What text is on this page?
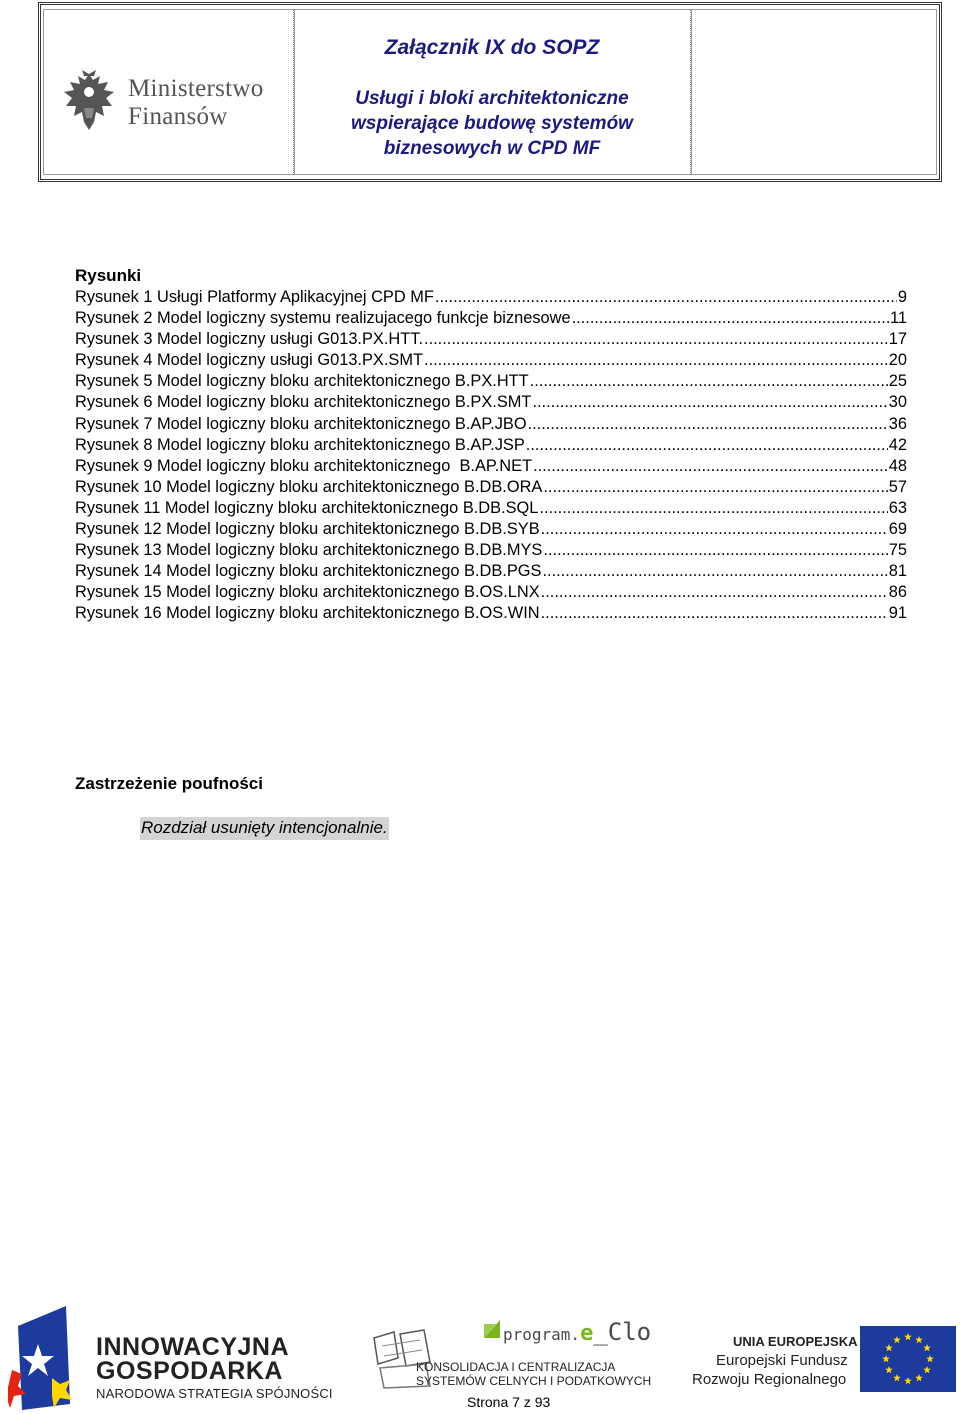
Ministerstwo
Finansów
Załącznik IX do SOPZ
Usługi i bloki architektoniczne
wspierające budowę systemów
biznesowych w CPD MF
Rysunki
Rysunek 1 Usługi Platformy Aplikacyjnej CPD MF .....	9
Rysunek 2 Model logiczny systemu realizujacego funkcje biznesowe .....	11
Rysunek 3 Model logiczny usługi G013.PX.HTT. .....	17
Rysunek 4 Model logiczny usługi G013.PX.SMT .....	20
Rysunek 5 Model logiczny bloku architektonicznego B.PX.HTT .....	25
Rysunek 6 Model logiczny bloku architektonicznego B.PX.SMT .....	30
Rysunek 7 Model logiczny bloku architektonicznego B.AP.JBO .....	36
Rysunek 8 Model logiczny bloku architektonicznego B.AP.JSP .....	42
Rysunek 9 Model logiczny bloku architektonicznego  B.AP.NET .....	48
Rysunek 10 Model logiczny bloku architektonicznego B.DB.ORA .....	57
Rysunek 11 Model logiczny bloku architektonicznego B.DB.SQL .....	63
Rysunek 12 Model logiczny bloku architektonicznego B.DB.SYB .....	69
Rysunek 13 Model logiczny bloku architektonicznego B.DB.MYS .....	75
Rysunek 14 Model logiczny bloku architektonicznego B.DB.PGS .....	81
Rysunek 15 Model logiczny bloku architektonicznego B.OS.LNX .....	86
Rysunek 16 Model logiczny bloku architektonicznego B.OS.WIN .....	91
Zastrzeżenie poufności
Rozdział usunięty intencjonalnie.
INNOWACYJNA
GOSPODARKA
NARODOWA STRATEGIA SPÓJNOŚCI
program.e_Clo
KONSOLIDACJA I CENTRALIZACJA
SYSTEMÓW CELNYCH I PODATKOWYCH
UNIA EUROPEJSKA
Europejski Fundusz
Rozwoju Regionalnego
Strona 7 z 93
